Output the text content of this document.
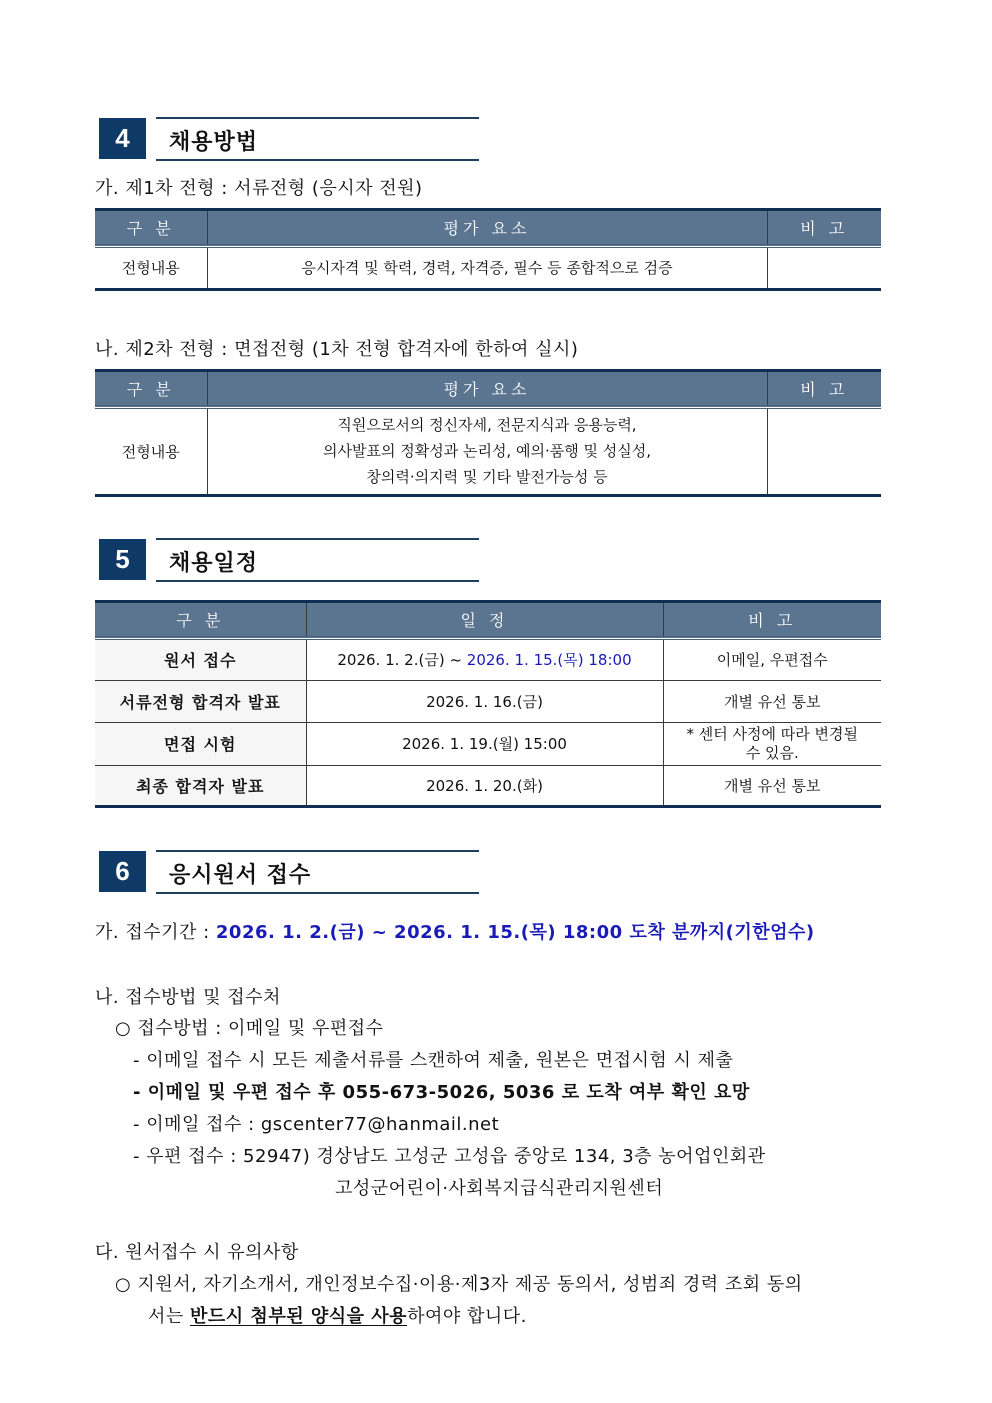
4	채용방법
가. 제1차 전형 : 서류전형 (응시자 전원)
구 분	평가 요소	비 고
전형내용	응시자격 및 학력, 경력, 자격증, 필수 등 종합적으로 검증	
나. 제2차 전형 : 면접전형 (1차 전형 합격자에 한하여 실시)
구 분	평가 요소	비 고
전형내용	직원으로서의 정신자세, 전문지식과 응용능력,
의사발표의 정확성과 논리성, 예의·품행 및 성실성,
창의력·의지력 및 기타 발전가능성 등	

5	채용일정
구 분	일 정	비 고
원서 접수	2026. 1. 2.(금) ~ 2026. 1. 15.(목) 18:00	이메일, 우편접수
서류전형 합격자 발표	2026. 1. 16.(금)	개별 유선 통보
면접 시험	2026. 1. 19.(월) 15:00	* 센터 사정에 따라 변경될
수 있음.

최종 합격자 발표	2026. 1. 20.(화)	개별 유선 통보
6	응시원서 접수
가. 접수기간 : 2026. 1. 2.(금) ~ 2026. 1. 15.(목) 18:00 도착 분까지(기한엄수)
나. 접수방법 및 접수처
○ 접수방법 : 이메일 및 우편접수
- 이메일 접수 시 모든 제출서류를 스캔하여 제출, 원본은 면접시험 시 제출
- 이메일 및 우편 접수 후 055-673-5026, 5036 로 도착 여부 확인 요망
- 이메일 접수 : gscenter77@hanmail.net
- 우편 접수 : 52947) 경상남도 고성군 고성읍 중앙로 134, 3층 농어업인회관
고성군어린이·사회복지급식관리지원센터
다. 원서접수 시 유의사항
○ 지원서, 자기소개서, 개인정보수집·이용·제3자 제공 동의서, 성범죄 경력 조회 동의
서는 반드시 첨부된 양식을 사용하여야 합니다.
